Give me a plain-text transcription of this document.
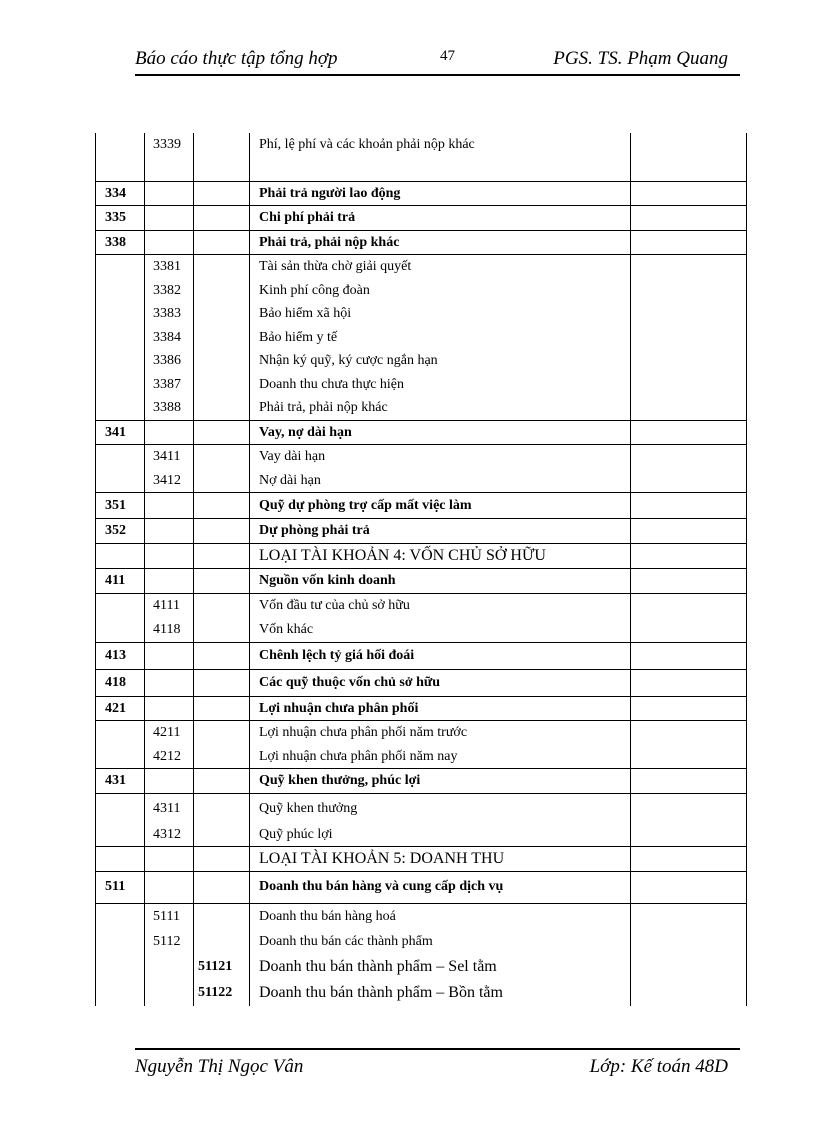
Báo cáo thực tập tổng hợp	47	PGS. TS. Phạm Quang
	3339		Phí, lệ phí và các khoản phải nộp khác	
334			Phải trả người lao động	
335			Chi phí phải trả	
338			Phải trả, phải nộp khác	
	3381		Tài sản thừa chờ giải quyết	
	3382		Kinh phí công đoàn	
	3383		Bảo hiểm xã hội	
	3384		Bảo hiểm y tế	
	3386		Nhận ký quỹ, ký cược ngắn hạn	
	3387		Doanh thu chưa thực hiện	
	3388		Phải trả, phải nộp khác	
341			Vay, nợ dài hạn	
	3411		Vay dài hạn	
	3412		Nợ dài hạn	
351			Quỹ dự phòng trợ cấp mất việc làm	
352			Dự phòng phải trả	
			LOẠI TÀI KHOẢN 4: VỐN CHỦ SỞ HỮU	
411			Nguồn vốn kinh doanh	
	4111		Vốn đầu tư của chủ sở hữu	
	4118		Vốn khác	
413			Chênh lệch tỷ giá hối đoái	
418			Các quỹ thuộc vốn chủ sở hữu	
421			Lợi nhuận chưa phân phối	
	4211		Lợi nhuận chưa phân phối năm trước	
	4212		Lợi nhuận chưa phân phối năm nay	
431			Quỹ khen thưởng, phúc lợi	
	4311		Quỹ khen thưởng	
	4312		Quỹ phúc lợi	
			LOẠI TÀI KHOẢN 5: DOANH THU	
511			Doanh thu bán hàng và cung cấp dịch vụ	
	5111		Doanh thu bán hàng hoá	
	5112		Doanh thu bán các thành phẩm	
		51121	Doanh thu bán thành phẩm – Sel tằm	
		51122	Doanh thu bán thành phẩm – Bồn tằm	
Nguyễn Thị Ngọc Vân	Lớp: Kế toán 48D
